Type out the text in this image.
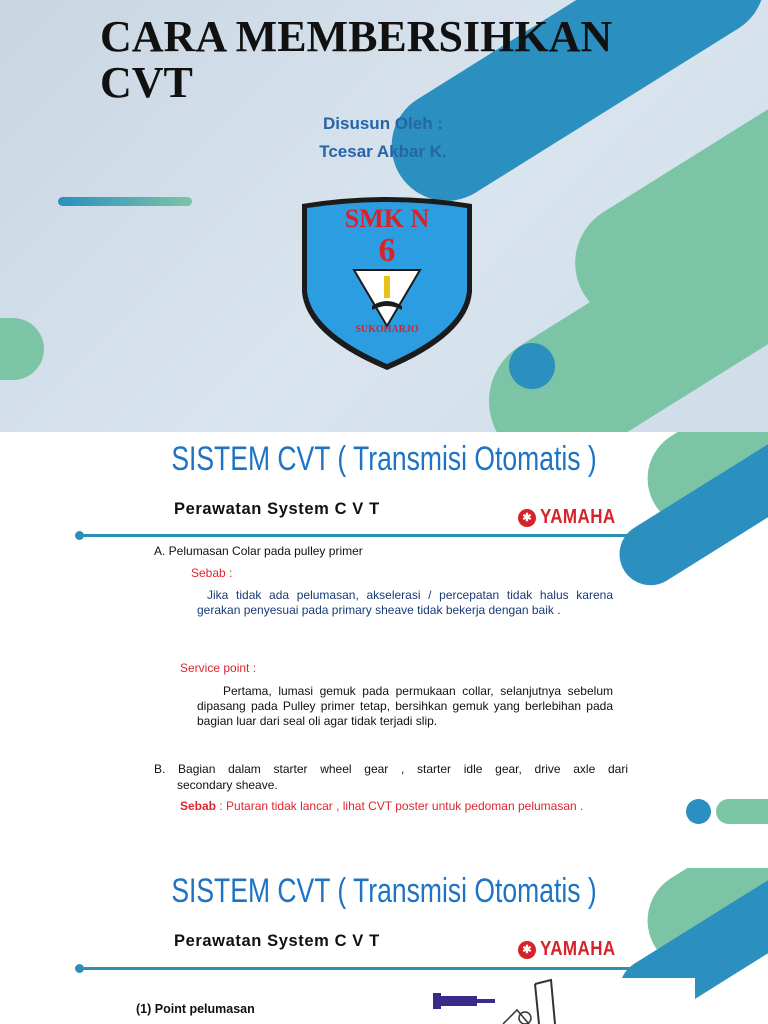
CARA MEMBERSIHKAN CVT
Disusun Oleh :
Tcesar Akbar K.
SMK N
6
SUKOHARJO
SISTEM CVT ( Transmisi Otomatis )
Perawatan System C V T	✱ YAMAHA
A. Pelumasan Colar pada pulley primer
Sebab :
Jika tidak ada pelumasan, akselerasi / percepatan tidak halus karena gerakan penyesuai pada primary sheave tidak bekerja dengan baik .
Service point :
Pertama, lumasi gemuk pada permukaan collar, selanjutnya sebelum dipasang pada Pulley primer tetap, bersihkan gemuk yang berlebihan pada bagian luar dari seal oli agar tidak terjadi slip.
B. Bagian dalam starter wheel gear , starter idle gear, drive axle dari
secondary sheave.
Sebab : Putaran tidak lancar , lihat CVT poster untuk pedoman pelumasan .
SISTEM CVT ( Transmisi Otomatis )
Perawatan System C V T	✱ YAMAHA
(1) Point pelumasan
